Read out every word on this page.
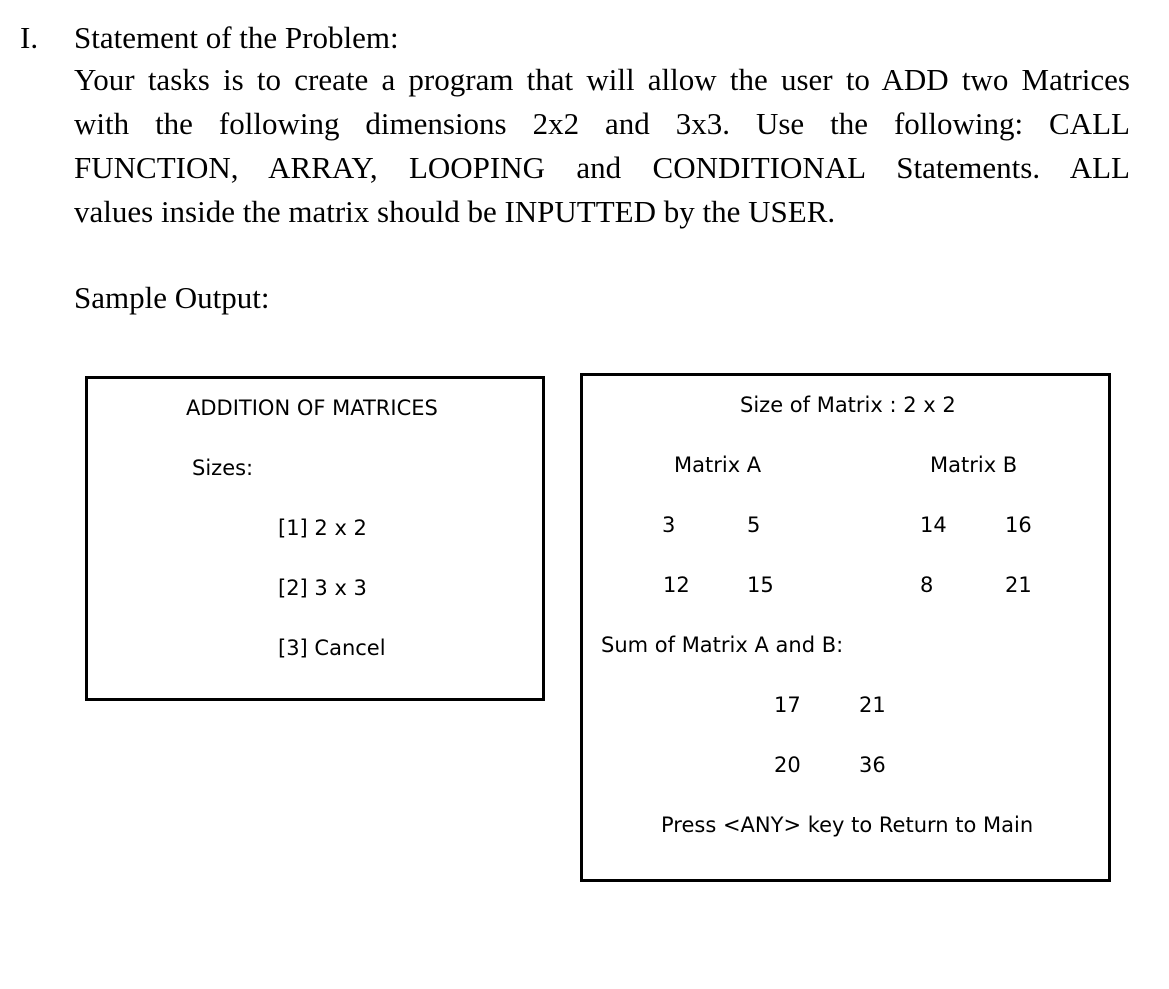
I. Statement of the Problem:
Your tasks is to create a program that will allow the user to ADD two Matrices
with the following dimensions 2x2 and 3x3. Use the following: CALL
FUNCTION, ARRAY, LOOPING and CONDITIONAL Statements. ALL
values inside the matrix should be INPUTTED by the USER.
Sample Output:
ADDITION OF MATRICES
Sizes:
[1] 2 x 2
[2] 3 x 3
[3] Cancel
Size of Matrix : 2 x 2
Matrix A	Matrix B
3	5	14	16
12	15	8	21
Sum of Matrix A and B:
17	21
20	36
Press <ANY> key to Return to Main
